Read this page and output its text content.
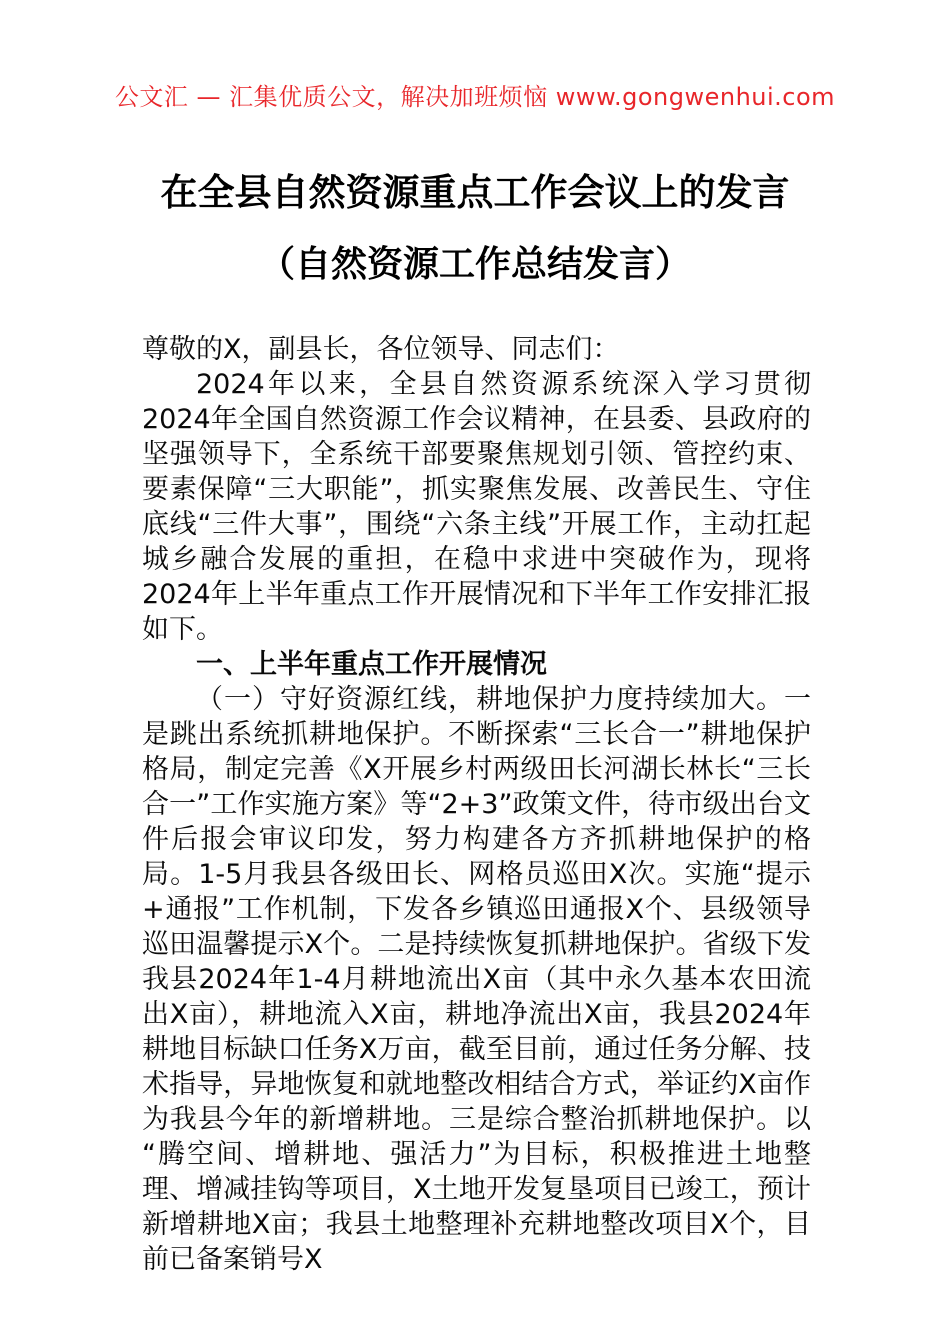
公文汇 — 汇集优质公文，解决加班烦恼 www.gongwenhui.com
在全县自然资源重点工作会议上的发言
（自然资源工作总结发言）

尊敬的X，副县长，各位领导、同志们：

2024年以来，全县自然资源系统深入学习贯彻2024年全国自然资源工作会议精神，在县委、县政府的坚强领导下，全系统干部要聚焦规划引领、管控约束、要素保障“三大职能”，抓实聚焦发展、改善民生、守住底线“三件大事”，围绕“六条主线”开展工作，主动扛起城乡融合发展的重担，在稳中求进中突破作为，现将2024年上半年重点工作开展情况和下半年工作安排汇报如下。

一、上半年重点工作开展情况

（一）守好资源红线，耕地保护力度持续加大。一是跳出系统抓耕地保护。不断探索“三长合一”耕地保护格局，制定完善《X开展乡村两级田长河湖长林长“三长合一”工作实施方案》等“2+3”政策文件，待市级出台文件后报会审议印发，努力构建各方齐抓耕地保护的格局。1-5月我县各级田长、网格员巡田X次。实施“提示+通报”工作机制，下发各乡镇巡田通报X个、县级领导巡田温馨提示X个。二是持续恢复抓耕地保护。省级下发我县2024年1-4月耕地流出X亩（其中永久基本农田流出X亩），耕地流入X亩，耕地净流出X亩，我县2024年耕地目标缺口任务X万亩，截至目前，通过任务分解、技术指导，异地恢复和就地整改相结合方式，举证约X亩作为我县今年的新增耕地。三是综合整治抓耕地保护。以“腾空间、增耕地、强活力”为目标，积极推进土地整理、增减挂钩等项目，X土地开发复垦项目已竣工，预计新增耕地X亩；我县土地整理补充耕地整改项目X个，目前已备案销号X
